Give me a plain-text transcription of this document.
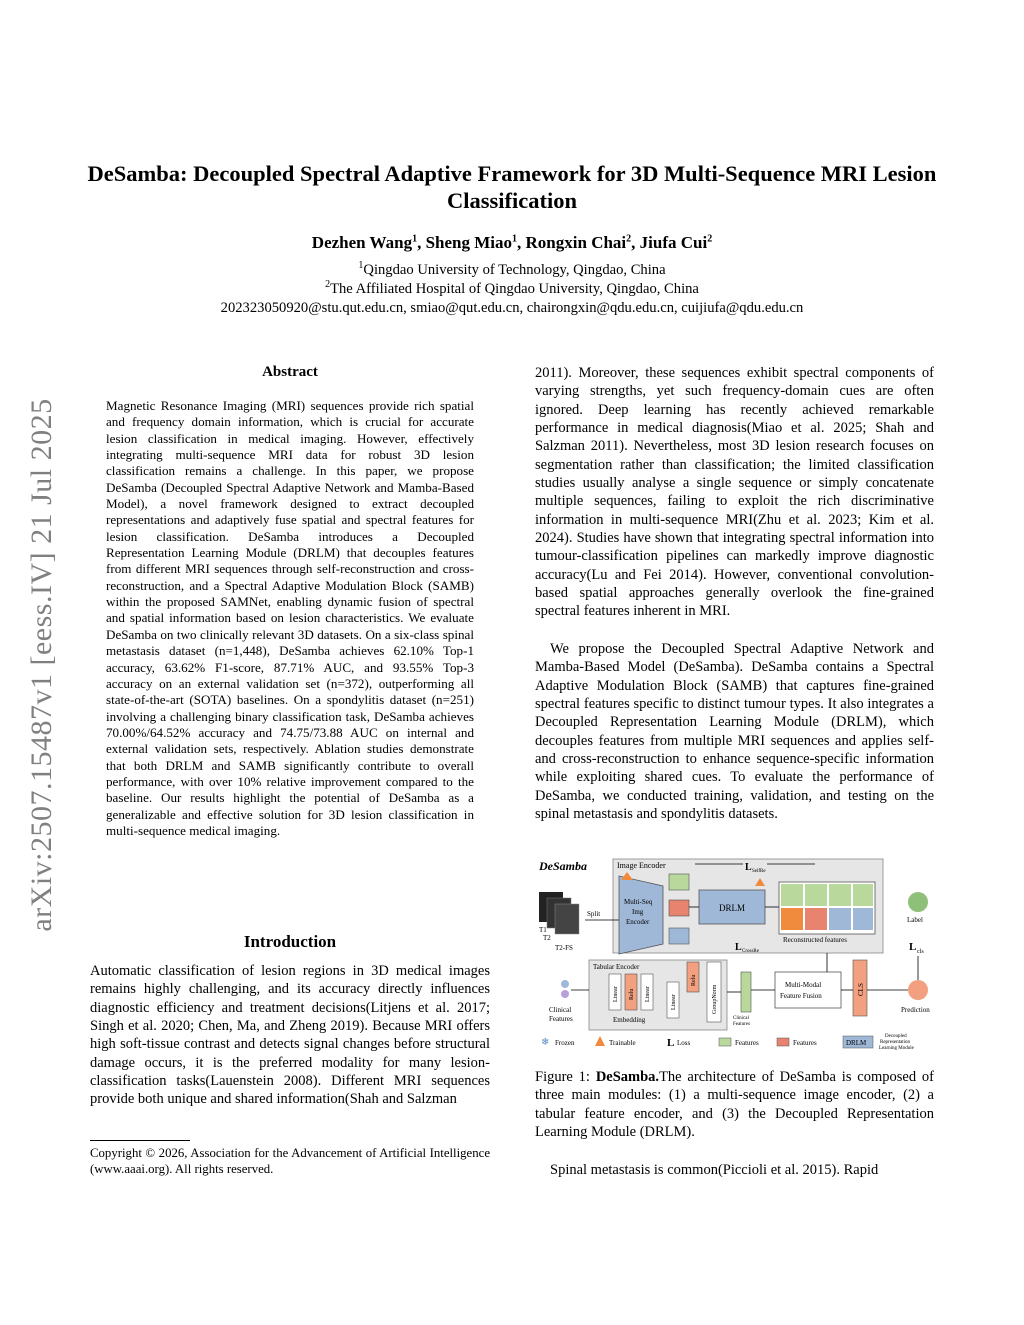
arXiv:2507.15487v1 [eess.IV] 21 Jul 2025
DeSamba: Decoupled Spectral Adaptive Framework for 3D Multi-Sequence MRI Lesion Classification
Dezhen Wang$^1$, Sheng Miao$^1$, Rongxin Chai$^2$, Jiufa Cui$^2$
$^1$Qingdao University of Technology, Qingdao, China
$^2$The Affiliated Hospital of Qingdao University, Qingdao, China
202323050920@stu.qut.edu.cn, smiao@qut.edu.cn, chairongxin@qdu.edu.cn, cuijiufa@qdu.edu.cn
Abstract
Magnetic Resonance Imaging (MRI) sequences provide rich spatial and frequency domain information, which is crucial for accurate lesion classification in medical imaging. However, effectively integrating multi-sequence MRI data for robust 3D lesion classification remains a challenge. In this paper, we propose DeSamba (Decoupled Spectral Adaptive Network and Mamba-Based Model), a novel framework designed to extract decoupled representations and adaptively fuse spatial and spectral features for lesion classification. DeSamba introduces a Decoupled Representation Learning Module (DRLM) that decouples features from different MRI sequences through self-reconstruction and cross-reconstruction, and a Spectral Adaptive Modulation Block (SAMB) within the proposed SAMNet, enabling dynamic fusion of spectral and spatial information based on lesion characteristics. We evaluate DeSamba on two clinically relevant 3D datasets. On a six-class spinal metastasis dataset (n=1,448), DeSamba achieves 62.10% Top-1 accuracy, 63.62% F1-score, 87.71% AUC, and 93.55% Top-3 accuracy on an external validation set (n=372), outperforming all state-of-the-art (SOTA) baselines. On a spondylitis dataset (n=251) involving a challenging binary classification task, DeSamba achieves 70.00%/64.52% accuracy and 74.75/73.88 AUC on internal and external validation sets, respectively. Ablation studies demonstrate that both DRLM and SAMB significantly contribute to overall performance, with over 10% relative improvement compared to the baseline. Our results highlight the potential of DeSamba as a generalizable and effective solution for 3D lesion classification in multi-sequence medical imaging.
Introduction
Automatic classification of lesion regions in 3D medical images remains highly challenging, and its accuracy directly influences diagnostic efficiency and treatment decisions(Litjens et al. 2017; Singh et al. 2020; Chen, Ma, and Zheng 2019). Because MRI offers high soft-tissue contrast and detects signal changes before structural damage occurs, it is the preferred modality for many lesion-classification tasks(Lauenstein 2008). Different MRI sequences provide both unique and shared information(Shah and Salzman
Copyright © 2026, Association for the Advancement of Artificial Intelligence (www.aaai.org). All rights reserved.
2011). Moreover, these sequences exhibit spectral components of varying strengths, yet such frequency-domain cues are often ignored. Deep learning has recently achieved remarkable performance in medical diagnosis(Miao et al. 2025; Shah and Salzman 2011). Nevertheless, most 3D lesion research focuses on segmentation rather than classification; the limited classification studies usually analyse a single sequence or simply concatenate multiple sequences, failing to exploit the rich discriminative information in multi-sequence MRI(Zhu et al. 2023; Kim et al. 2024). Studies have shown that integrating spectral information into tumour-classification pipelines can markedly improve diagnostic accuracy(Lu and Fei 2014). However, conventional convolution-based spatial approaches generally overlook the fine-grained spectral features inherent in MRI.
We propose the Decoupled Spectral Adaptive Network and Mamba-Based Model (DeSamba). DeSamba contains a Spectral Adaptive Modulation Block (SAMB) that captures fine-grained spectral features specific to distinct tumour types. It also integrates a Decoupled Representation Learning Module (DRLM), which decouples features from multiple MRI sequences and applies self- and cross-reconstruction to enhance sequence-specific information while exploiting shared cues. To evaluate the performance of DeSamba, we conducted training, validation, and testing on the spinal metastasis and spondylitis datasets.
DeSamba	Image Encoder	L SelfRe
T1
T2
T2-FS
Split
Multi-Seq
Img
Encoder
DRLM
Reconstructed features
L CrossRe
Label
L cls
Tabular Encoder
Linear Relu Linear
Embedding
Linear
Relu
GroupNorm
Clinical
Features	Clinical
Features
Multi-Modal
Feature Fusion	CLS
Prediction
❄ Frozen	Trainable	L Loss	Features	Features	DRLM
Decoupled
Representation
Learning Module
Figure 1: DeSamba.The architecture of DeSamba is composed of three main modules: (1) a multi-sequence image encoder, (2) a tabular feature encoder, and (3) the Decoupled Representation Learning Module (DRLM).
Spinal metastasis is common(Piccioli et al. 2015). Rapid
